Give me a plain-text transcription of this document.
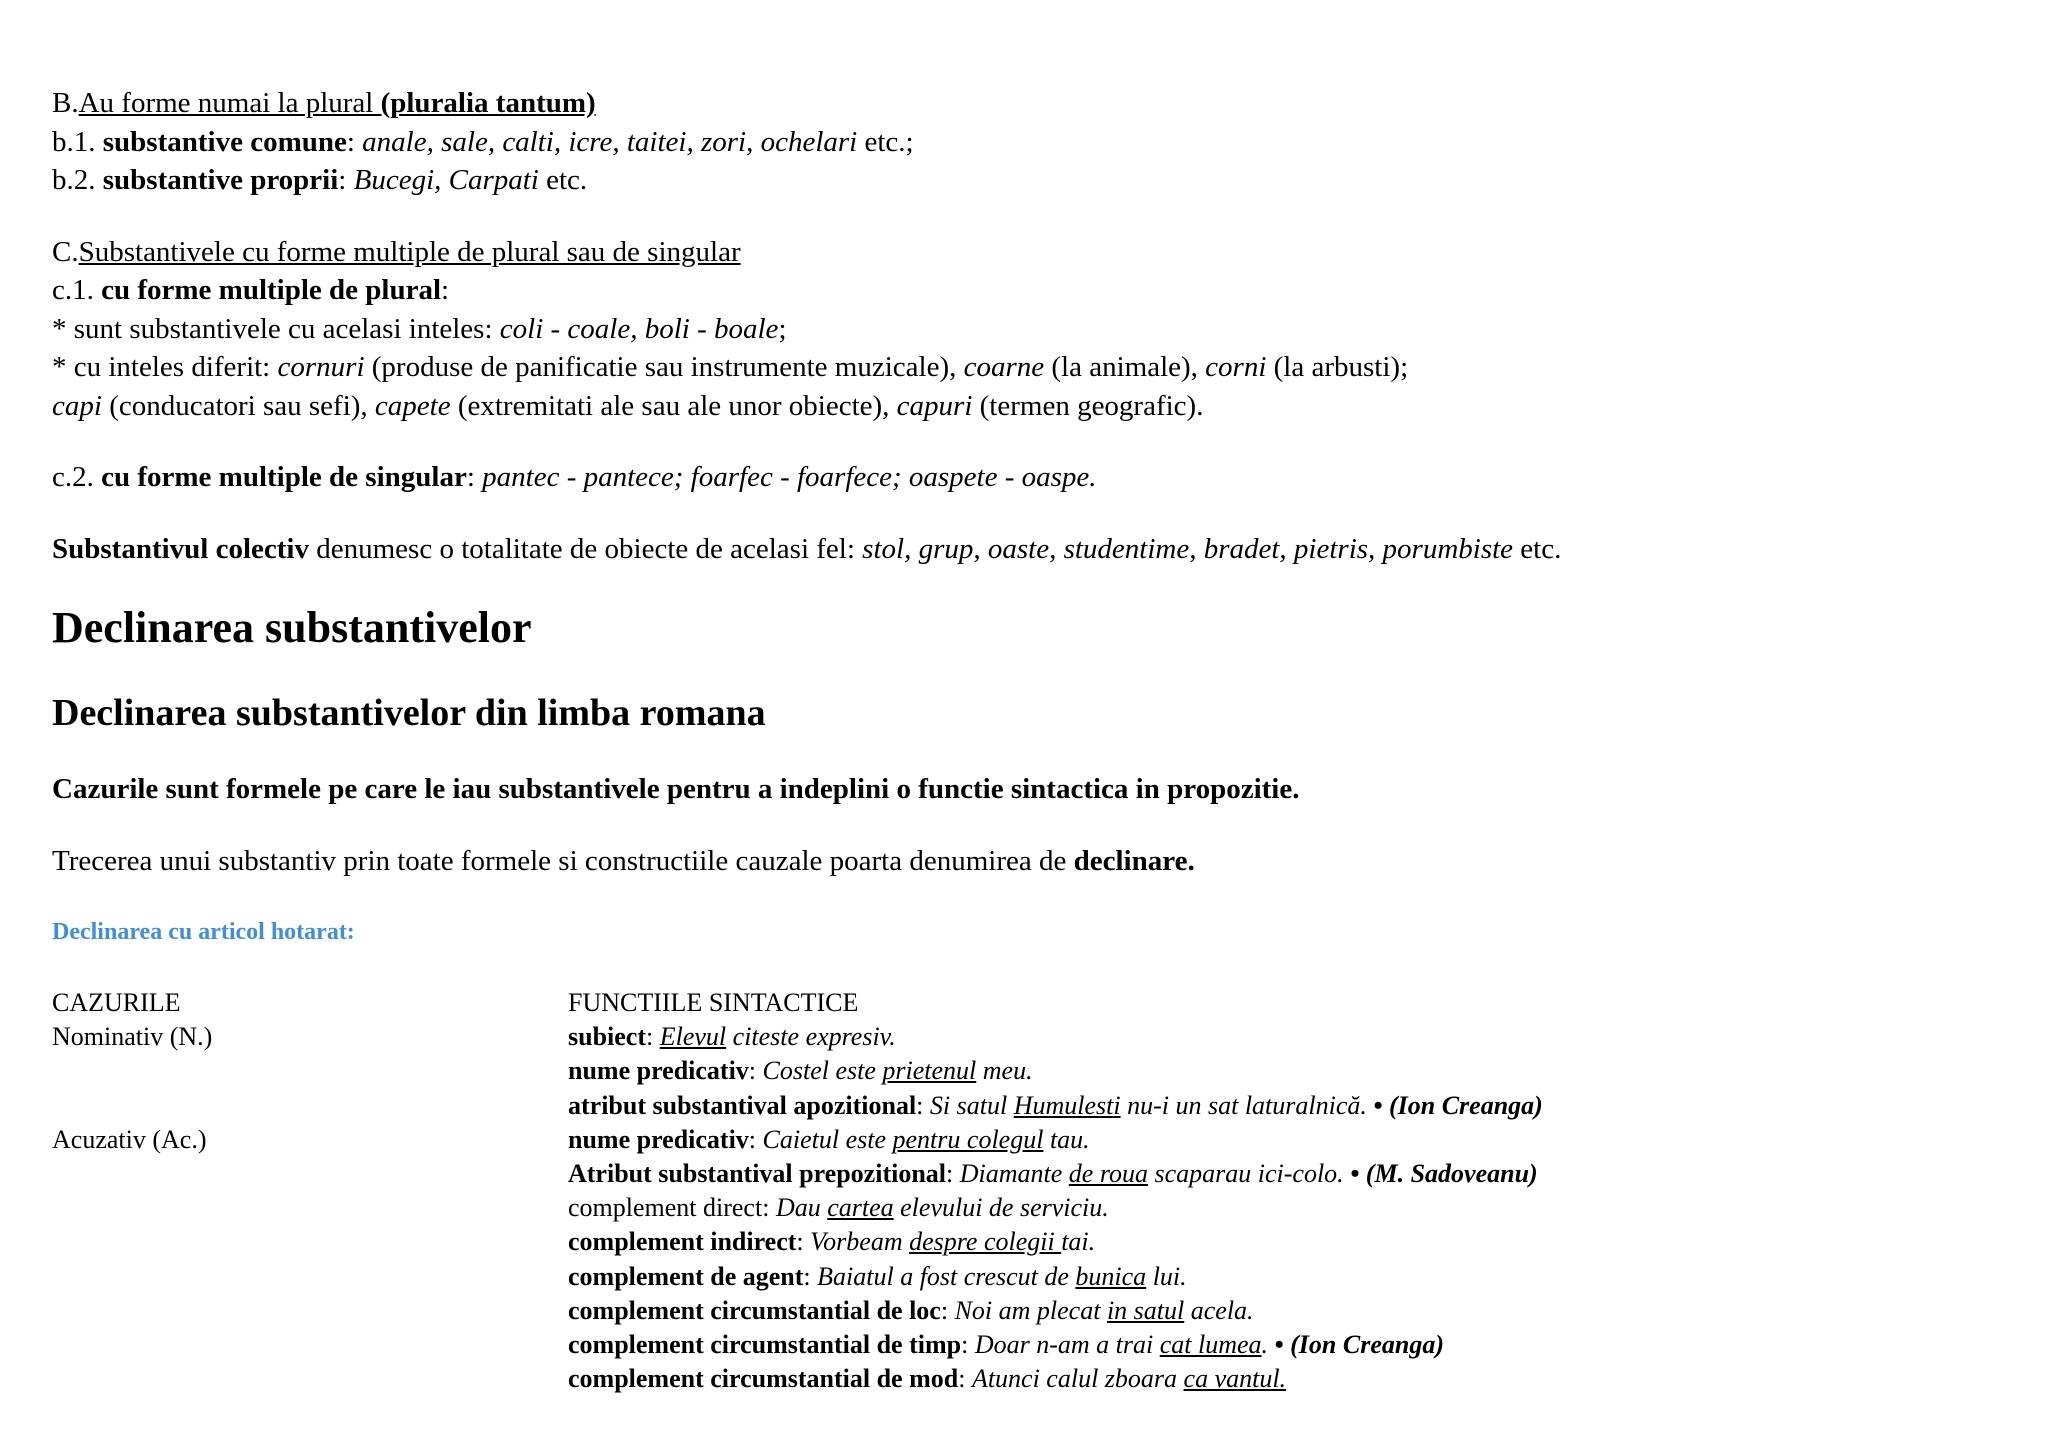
B.Au forme numai la plural (pluralia tantum)
b.1. substantive comune: anale, sale, calti, icre, taitei, zori, ochelari etc.;
b.2. substantive proprii: Bucegi, Carpati etc.
C.Substantivele cu forme multiple de plural sau de singular
c.1. cu forme multiple de plural:
* sunt substantivele cu acelasi inteles: coli - coale, boli - boale;
* cu inteles diferit: cornuri (produse de panificatie sau instrumente muzicale), coarne (la animale), corni (la arbusti);
capi (conducatori sau sefi), capete (extremitati ale sau ale unor obiecte), capuri (termen geografic).
c.2. cu forme multiple de singular: pantec - pantece; foarfec - foarfece; oaspete - oaspe.
Substantivul colectiv denumesc o totalitate de obiecte de acelasi fel: stol, grup, oaste, studentime, bradet, pietris, porumbiste etc.
Declinarea substantivelor
Declinarea substantivelor din limba romana
Cazurile sunt formele pe care le iau substantivele pentru a indeplini o functie sintactica in propozitie.
Trecerea unui substantiv prin toate formele si constructiile cauzale poarta denumirea de declinare.
Declinarea cu articol hotarat:
CAZURILE	FUNCTIILE SINTACTICE
Nominativ (N.)	subiect: Elevul citeste expresiv.
nume predicativ: Costel este prietenul meu.
atribut substantival apozitional: Si satul Humulesti nu-i un sat laturalnică. • (Ion Creanga)
Acuzativ (Ac.)	nume predicativ: Caietul este pentru colegul tau.
Atribut substantival prepozitional: Diamante de roua scaparau ici-colo. • (M. Sadoveanu)
complement direct: Dau cartea elevului de serviciu.
complement indirect: Vorbeam despre colegii tai.
complement de agent: Baiatul a fost crescut de bunica lui.
complement circumstantial de loc: Noi am plecat in satul acela.
complement circumstantial de timp: Doar n-am a trai cat lumea. • (Ion Creanga)
complement circumstantial de mod: Atunci calul zboara ca vantul.
